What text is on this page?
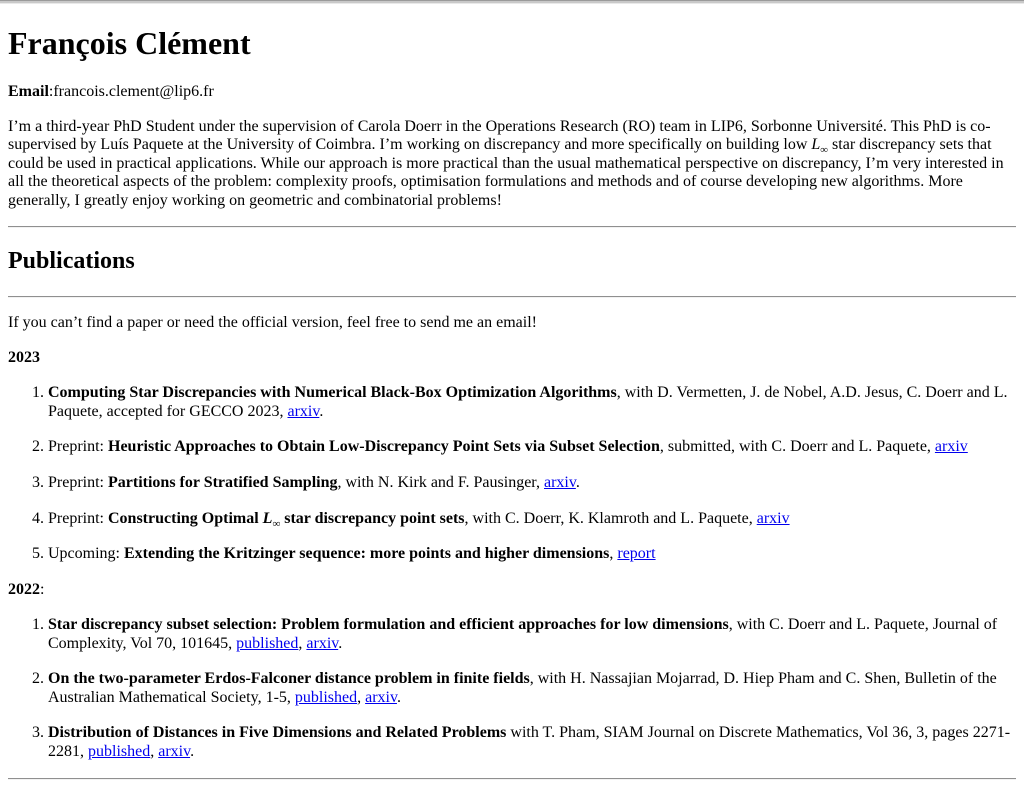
François Clément

Email:francois.clement@lip6.fr

I’m a third-year PhD Student under the supervision of Carola Doerr in the Operations Research (RO) team in LIP6, Sorbonne Université. This PhD is co-supervised by Luís Paquete at the University of Coimbra. I’m working on discrepancy and more specifically on building low $L_\infty$ star discrepancy sets that could be used in practical applications. While our approach is more practical than the usual mathematical perspective on discrepancy, I’m very interested in all the theoretical aspects of the problem: complexity proofs, optimisation formulations and methods and of course developing new algorithms. More generally, I greatly enjoy working on geometric and combinatorial problems!

Publications

If you can’t find a paper or need the official version, feel free to send me an email!

2023

1. Computing Star Discrepancies with Numerical Black-Box Optimization Algorithms, with D. Vermetten, J. de Nobel, A.D. Jesus, C. Doerr and L. Paquete, accepted for GECCO 2023, arxiv.
2. Preprint: Heuristic Approaches to Obtain Low-Discrepancy Point Sets via Subset Selection, submitted, with C. Doerr and L. Paquete, arxiv
3. Preprint: Partitions for Stratified Sampling, with N. Kirk and F. Pausinger, arxiv.
4. Preprint: Constructing Optimal $L_\infty$ star discrepancy point sets, with C. Doerr, K. Klamroth and L. Paquete, arxiv
5. Upcoming: Extending the Kritzinger sequence: more points and higher dimensions, report

2022:

1. Star discrepancy subset selection: Problem formulation and efficient approaches for low dimensions, with C. Doerr and L. Paquete, Journal of Complexity, Vol 70, 101645, published, arxiv.
2. On the two-parameter Erdos-Falconer distance problem in finite fields, with H. Nassajian Mojarrad, D. Hiep Pham and C. Shen, Bulletin of the Australian Mathematical Society, 1-5, published, arxiv.
3. Distribution of Distances in Five Dimensions and Related Problems with T. Pham, SIAM Journal on Discrete Mathematics, Vol 36, 3, pages 2271-2281, published, arxiv.
